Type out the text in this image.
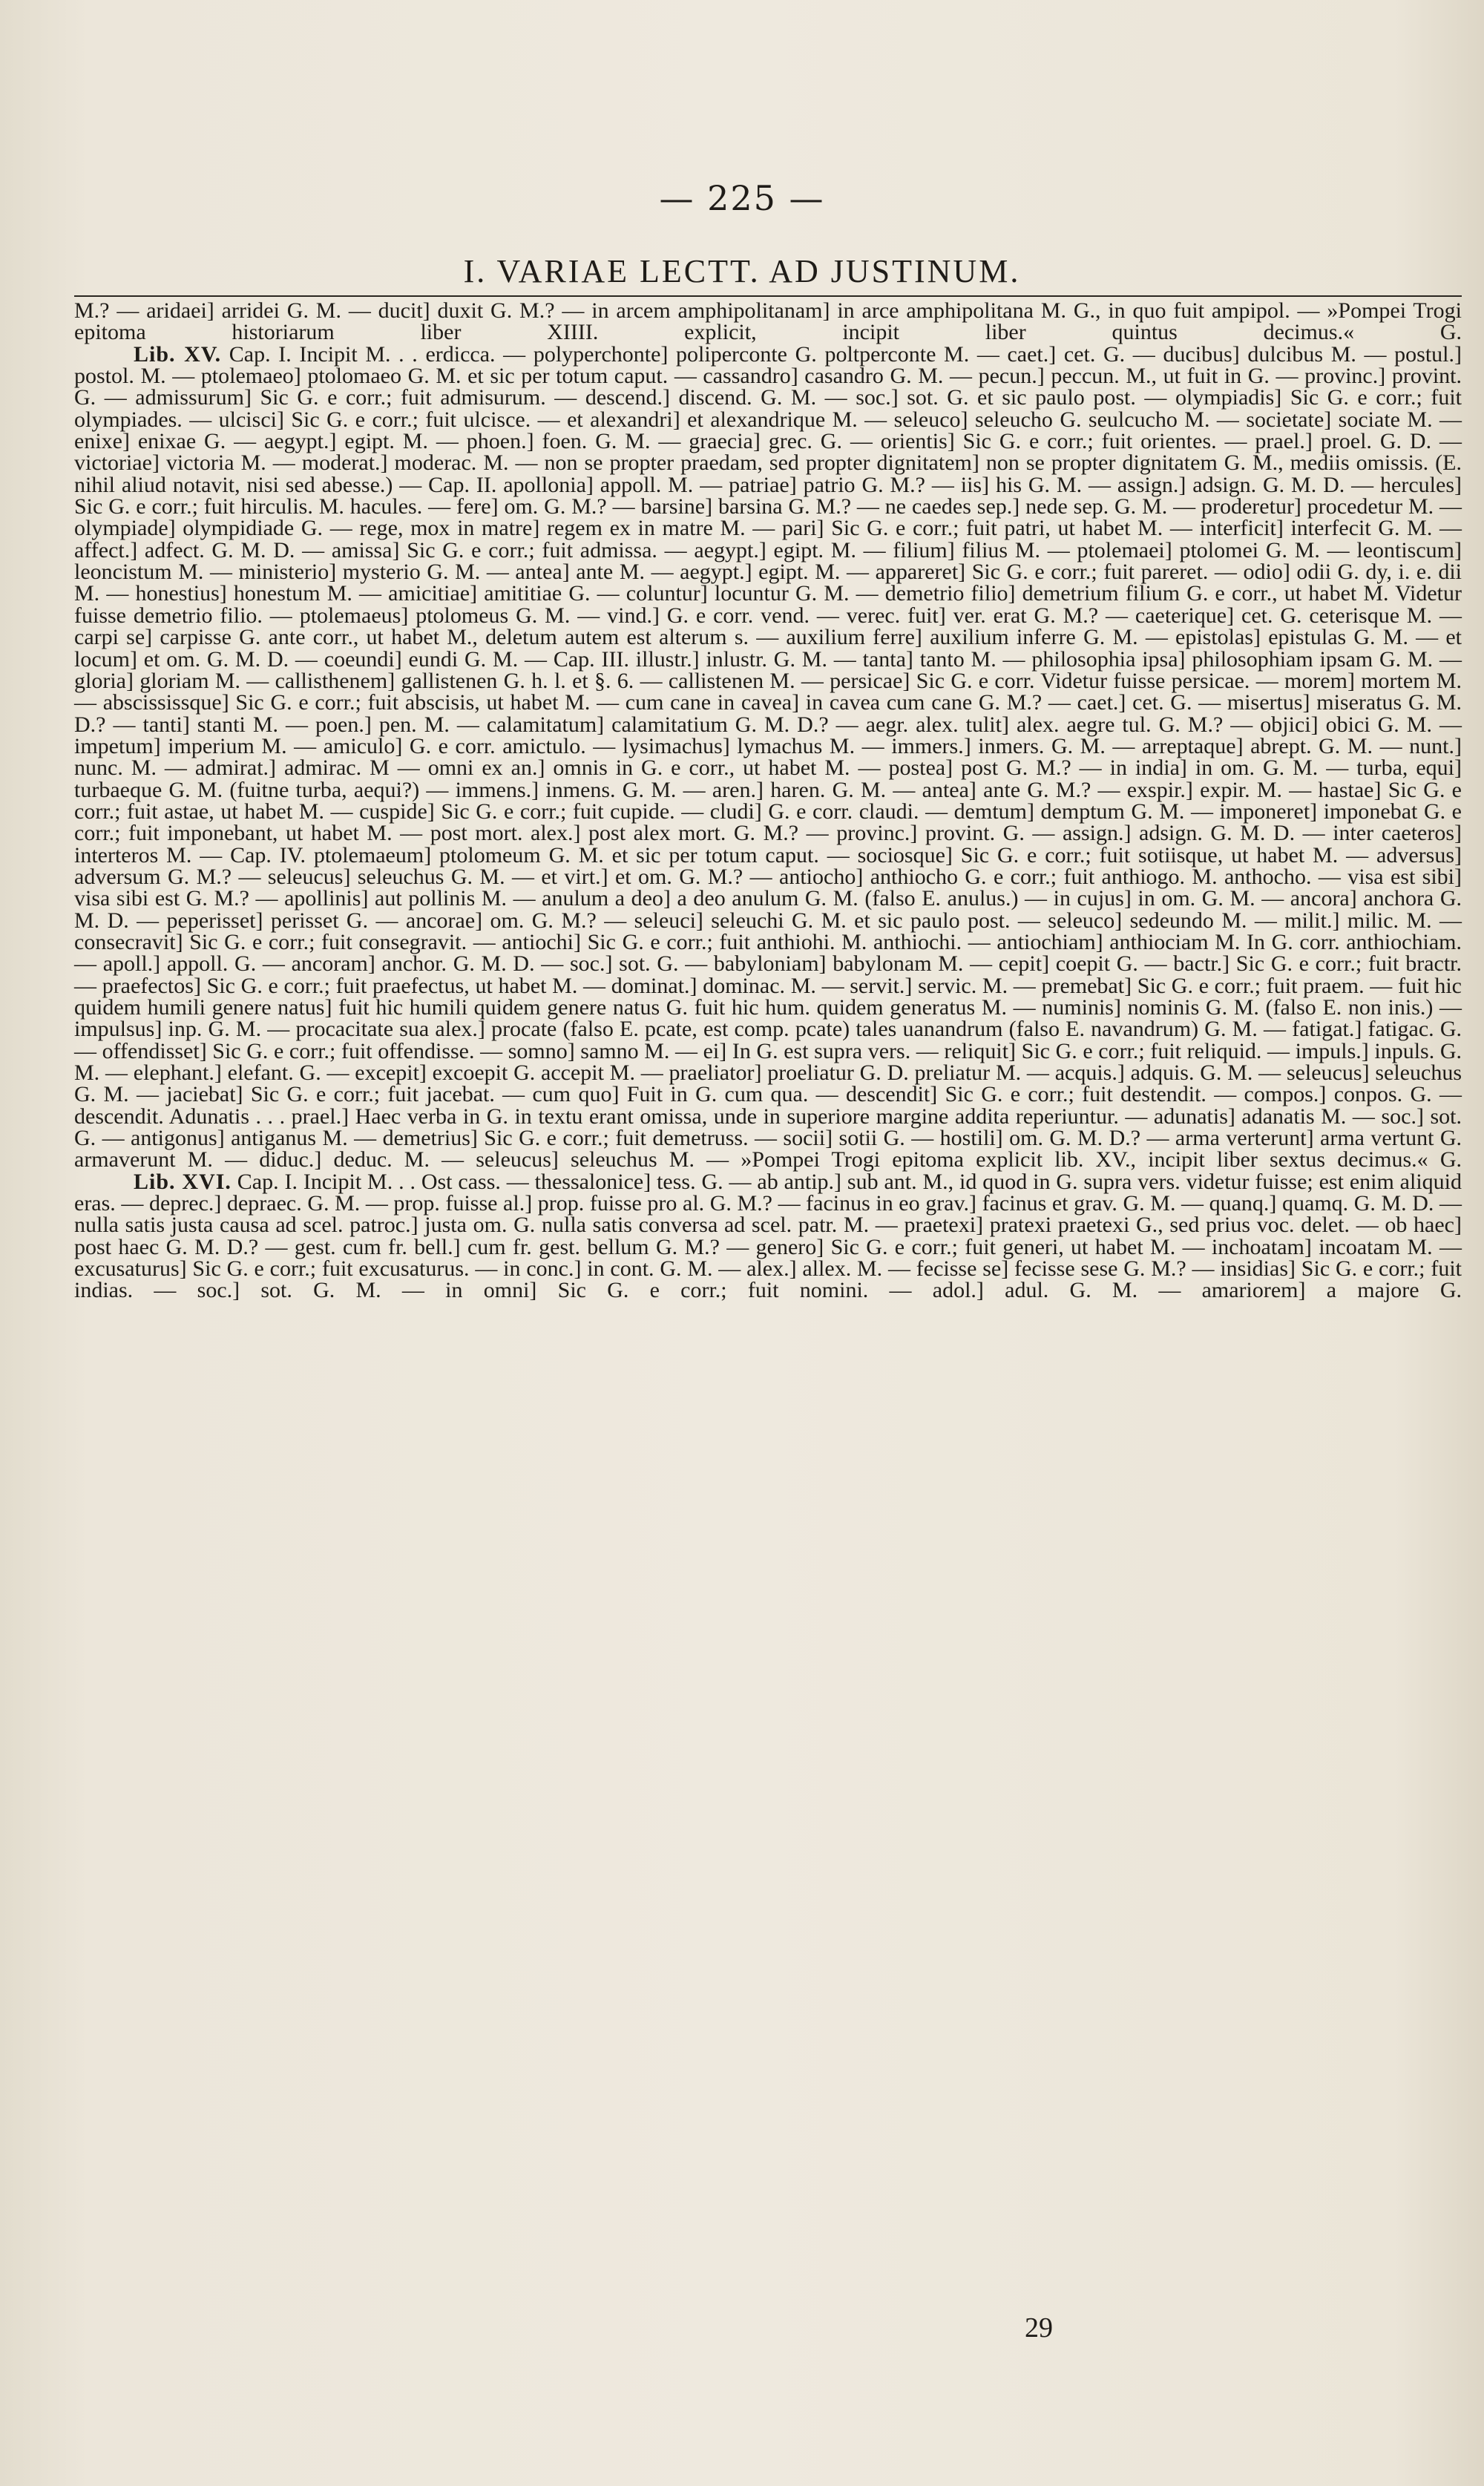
— 225 —
I. VARIAE LECTT. AD JUSTINUM.

M.? — aridaei] arridei G. M. — ducit] duxit G. M.? — in arcem amphipolitanam] in arce amphipolitana M. G., in quo fuit ampipol. — »Pompei Trogi epitoma historiarum liber XIIII. explicit, incipit liber quintus decimus.« G.

Lib. XV. Cap. I. Incipit M. . . erdicca. — polyperchonte] poliperconte G. poltperconte M. — caet.] cet. G. — ducibus] dulcibus M. — postul.] postol. M. — ptolemaeo] ptolomaeo G. M. et sic per totum caput. — cassandro] casandro G. M. — pecun.] peccun. M., ut fuit in G. — provinc.] provint. G. — admissurum] Sic G. e corr.; fuit admisurum. — descend.] discend. G. M. — soc.] sot. G. et sic paulo post. — olympiadis] Sic G. e corr.; fuit olympiades. — ulcisci] Sic G. e corr.; fuit ulcisce. — et alexandri] et alexandrique M. — seleuco] seleucho G. seulcucho M. — societate] sociate M. — enixe] enixae G. — aegypt.] egipt. M. — phoen.] foen. G. M. — graecia] grec. G. — orientis] Sic G. e corr.; fuit orientes. — prael.] proel. G. D. — victoriae] victoria M. — moderat.] moderac. M. — non se propter praedam, sed propter dignitatem] non se propter dignitatem G. M., mediis omissis. (E. nihil aliud notavit, nisi sed abesse.) — Cap. II. apollonia] appoll. M. — patriae] patrio G. M.? — iis] his G. M. — assign.] adsign. G. M. D. — hercules] Sic G. e corr.; fuit hirculis. M. hacules. — fere] om. G. M.? — barsine] barsina G. M.? — ne caedes sep.] nede sep. G. M. — proderetur] procedetur M. — olympiade] olympidiade G. — rege, mox in matre] regem ex in matre M. — pari] Sic G. e corr.; fuit patri, ut habet M. — interficit] interfecit G. M. — affect.] adfect. G. M. D. — amissa] Sic G. e corr.; fuit admissa. — aegypt.] egipt. M. — filium] filius M. — ptolemaei] ptolomei G. M. — leontiscum] leoncistum M. — ministerio] mysterio G. M. — antea] ante M. — aegypt.] egipt. M. — appareret] Sic G. e corr.; fuit pareret. — odio] odii G. dy, i. e. dii M. — honestius] honestum M. — amicitiae] amititiae G. — coluntur] locuntur G. M. — demetrio filio] demetrium filium G. e corr., ut habet M. Videtur fuisse demetrio filio. — ptolemaeus] ptolomeus G. M. — vind.] G. e corr. vend. — verec. fuit] ver. erat G. M.? — caeterique] cet. G. ceterisque M. — carpi se] carpisse G. ante corr., ut habet M., deletum autem est alterum s. — auxilium ferre] auxilium inferre G. M. — epistolas] epistulas G. M. — et locum] et om. G. M. D. — coeundi] eundi G. M. — Cap. III. illustr.] inlustr. G. M. — tanta] tanto M. — philosophia ipsa] philosophiam ipsam G. M. — gloria] gloriam M. — callisthenem] gallistenen G. h. l. et §. 6. — callistenen M. — persicae] Sic G. e corr. Videtur fuisse persicae. — morem] mortem M. — abscississque] Sic G. e corr.; fuit abscisis, ut habet M. — cum cane in cavea] in cavea cum cane G. M.? — caet.] cet. G. — misertus] miseratus G. M. D.? — tanti] stanti M. — poen.] pen. M. — calamitatum] calamitatium G. M. D.? — aegr. alex. tulit] alex. aegre tul. G. M.? — objici] obici G. M. — impetum] imperium M. — amiculo] G. e corr. amictulo. — lysimachus] lymachus M. — immers.] inmers. G. M. — arreptaque] abrept. G. M. — nunt.] nunc. M. — admirat.] admirac. M — omni ex an.] omnis in G. e corr., ut habet M. — postea] post G. M.? — in india] in om. G. M. — turba, equi] turbaeque G. M. (fuitne turba, aequi?) — immens.] inmens. G. M. — aren.] haren. G. M. — antea] ante G. M.? — exspir.] expir. M. — hastae] Sic G. e corr.; fuit astae, ut habet M. — cuspide] Sic G. e corr.; fuit cupide. — cludi] G. e corr. claudi. — demtum] demptum G. M. — imponeret] imponebat G. e corr.; fuit imponebant, ut habet M. — post mort. alex.] post alex mort. G. M.? — provinc.] provint. G. — assign.] adsign. G. M. D. — inter caeteros] interteros M. — Cap. IV. ptolemaeum] ptolomeum G. M. et sic per totum caput. — sociosque] Sic G. e corr.; fuit sotiisque, ut habet M. — adversus] adversum G. M.? — seleucus] seleuchus G. M. — et virt.] et om. G. M.? — antiocho] anthiocho G. e corr.; fuit anthiogo. M. anthocho. — visa est sibi] visa sibi est G. M.? — apollinis] aut pollinis M. — anulum a deo] a deo anulum G. M. (falso E. anulus.) — in cujus] in om. G. M. — ancora] anchora G. M. D. — peperisset] perisset G. — ancorae] om. G. M.? — seleuci] seleuchi G. M. et sic paulo post. — seleuco] sedeundo M. — milit.] milic. M. — consecravit] Sic G. e corr.; fuit consegravit. — antiochi] Sic G. e corr.; fuit anthiohi. M. anthiochi. — antiochiam] anthiociam M. In G. corr. anthiochiam. — apoll.] appoll. G. — ancoram] anchor. G. M. D. — soc.] sot. G. — babyloniam] babylonam M. — cepit] coepit G. — bactr.] Sic G. e corr.; fuit bractr. — praefectos] Sic G. e corr.; fuit praefectus, ut habet M. — dominat.] dominac. M. — servit.] servic. M. — premebat] Sic G. e corr.; fuit praem. — fuit hic quidem humili genere natus] fuit hic humili quidem genere natus G. fuit hic hum. quidem generatus M. — numinis] nominis G. M. (falso E. non inis.) — impulsus] inp. G. M. — procacitate sua alex.] procate (falso E. pcate, est comp. pcate) tales uanandrum (falso E. navandrum) G. M. — fatigat.] fatigac. G. — offendisset] Sic G. e corr.; fuit offendisse. — somno] samno M. — ei] In G. est supra vers. — reliquit] Sic G. e corr.; fuit reliquid. — impuls.] inpuls. G. M. — elephant.] elefant. G. — excepit] excoepit G. accepit M. — praeliator] proeliatur G. D. preliatur M. — acquis.] adquis. G. M. — seleucus] seleuchus G. M. — jaciebat] Sic G. e corr.; fuit jacebat. — cum quo] Fuit in G. cum qua. — descendit] Sic G. e corr.; fuit destendit. — compos.] conpos. G. — descendit. Adunatis . . . prael.] Haec verba in G. in textu erant omissa, unde in superiore margine addita reperiuntur. — adunatis] adanatis M. — soc.] sot. G. — antigonus] antiganus M. — demetrius] Sic G. e corr.; fuit demetruss. — socii] sotii G. — hostili] om. G. M. D.? — arma verterunt] arma vertunt G. armaverunt M. — diduc.] deduc. M. — seleucus] seleuchus M. — »Pompei Trogi epitoma explicit lib. XV., incipit liber sextus decimus.« G.

Lib. XVI. Cap. I. Incipit M. . . Ost cass. — thessalonice] tess. G. — ab antip.] sub ant. M., id quod in G. supra vers. videtur fuisse; est enim aliquid eras. — deprec.] depraec. G. M. — prop. fuisse al.] prop. fuisse pro al. G. M.? — facinus in eo grav.] facinus et grav. G. M. — quanq.] quamq. G. M. D. — nulla satis justa causa ad scel. patroc.] justa om. G. nulla satis conversa ad scel. patr. M. — praetexi] pratexi praetexi G., sed prius voc. delet. — ob haec] post haec G. M. D.? — gest. cum fr. bell.] cum fr. gest. bellum G. M.? — genero] Sic G. e corr.; fuit generi, ut habet M. — inchoatam] incoatam M. — excusaturus] Sic G. e corr.; fuit excusaturus. — in conc.] in cont. G. M. — alex.] allex. M. — fecisse se] fecisse sese G. M.? — insidias] Sic G. e corr.; fuit indias. — soc.] sot. G. M. — in omni] Sic G. e corr.; fuit nomini. — adol.] adul. G. M. — amariorem] a majore G.

29
